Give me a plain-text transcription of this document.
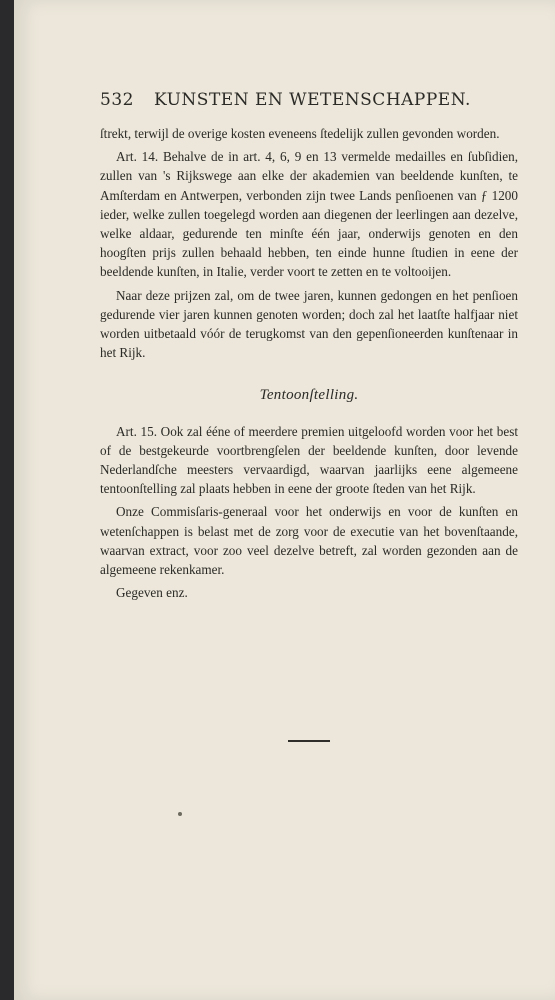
532	KUNSTEN EN WETENSCHAPPEN.

ſtrekt, terwijl de overige kosten eveneens ſtedelijk zullen gevonden worden.

Art. 14. Behalve de in art. 4, 6, 9 en 13 vermelde medailles en ſubſidien, zullen van 's Rijkswege aan elke der akademien van beeldende kunſten, te Amſterdam en Antwerpen, verbonden zijn twee Lands penſioenen van ƒ 1200 ieder, welke zullen toegelegd worden aan diegenen der leerlingen aan dezelve, welke aldaar, gedurende ten minſte één jaar, onderwijs genoten en den hoogſten prijs zullen behaald hebben, ten einde hunne ſtudien in eene der beeldende kunſten, in Italie, verder voort te zetten en te voltooijen.

Naar deze prijzen zal, om de twee jaren, kunnen gedongen en het penſioen gedurende vier jaren kunnen genoten worden; doch zal het laatſte halfjaar niet worden uitbetaald vóór de terugkomst van den gepenſioneerden kunſtenaar in het Rijk.

Tentoonſtelling.

Art. 15. Ook zal ééne of meerdere premien uitgeloofd worden voor het best of de bestgekeurde voortbrengſelen der beeldende kunſten, door levende Nederlandſche meesters vervaardigd, waarvan jaarlijks eene algemeene tentoonſtelling zal plaats hebben in eene der groote ſteden van het Rijk.

Onze Commisſaris-generaal voor het onderwijs en voor de kunſten en wetenſchappen is belast met de zorg voor de executie van het bovenſtaande, waarvan extract, voor zoo veel dezelve betreft, zal worden gezonden aan de algemeene rekenkamer.

Gegeven enz.
